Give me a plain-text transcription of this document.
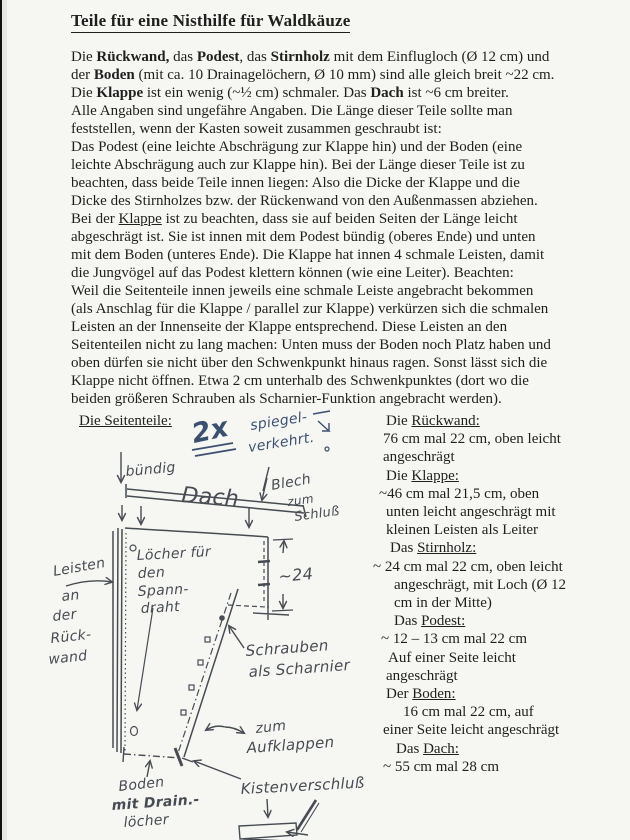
Teile für eine Nisthilfe für Waldkäuze
Die Rückwand, das Podest, das Stirnholz mit dem Einflugloch (Ø 12 cm) und
der Boden (mit ca. 10 Drainagelöchern, Ø 10 mm) sind alle gleich breit ~22 cm.
Die Klappe ist ein wenig (~½ cm) schmaler. Das Dach ist ~6 cm breiter.
Alle Angaben sind ungefähre Angaben. Die Länge dieser Teile sollte man
feststellen, wenn der Kasten soweit zusammen geschraubt ist:
Das Podest (eine leichte Abschrägung zur Klappe hin) und der Boden (eine
leichte Abschrägung auch zur Klappe hin). Bei der Länge dieser Teile ist zu
beachten, dass beide Teile innen liegen: Also die Dicke der Klappe und die
Dicke des Stirnholzes bzw. der Rückenwand von den Außenmassen abziehen.
Bei der Klappe ist zu beachten, dass sie auf beiden Seiten der Länge leicht
abgeschrägt ist. Sie ist innen mit dem Podest bündig (oberes Ende) und unten
mit dem Boden (unteres Ende). Die Klappe hat innen 4 schmale Leisten, damit
die Jungvögel auf das Podest klettern können (wie eine Leiter). Beachten:
Weil die Seitenteile innen jeweils eine schmale Leiste angebracht bekommen
(als Anschlag für die Klappe / parallel zur Klappe) verkürzen sich die schmalen
Leisten an der Innenseite der Klappe entsprechend. Diese Leisten an den
Seitenteilen nicht zu lang machen: Unten muss der Boden noch Platz haben und
oben dürfen sie nicht über den Schwenkpunkt hinaus ragen. Sonst lässt sich die
Klappe nicht öffnen. Etwa 2 cm unterhalb des Schwenkpunktes (dort wo die
beiden größeren Schrauben als Scharnier-Funktion angebracht werden).
Die Seitenteile:	Die Rückwand:
76 cm mal 22 cm, oben leicht
angeschrägt
Die Klappe:
~46 cm mal 21,5 cm, oben
unten leicht angeschrägt mit
kleinen Leisten als Leiter
Das Stirnholz:
~ 24 cm mal 22 cm, oben leicht
angeschrägt, mit Loch (Ø 12
cm in der Mitte)
Das Podest:
~ 12 – 13 cm mal 22 cm
Auf einer Seite leicht
angeschrägt
Der Boden:
16 cm mal 22 cm, auf
einer Seite leicht angeschrägt
Das Dach:
~ 55 cm mal 28 cm
2x spiegel-
verkehrt.
bündig
Dach
Blech
zum
Schluß
~24
Löcher für
den
Spann-
draht
Leisten
an
der
Rück-
wand	Schrauben
als Scharnier
zum
Aufklappen
Kistenverschluß
Boden
mit Drain.-
löcher
